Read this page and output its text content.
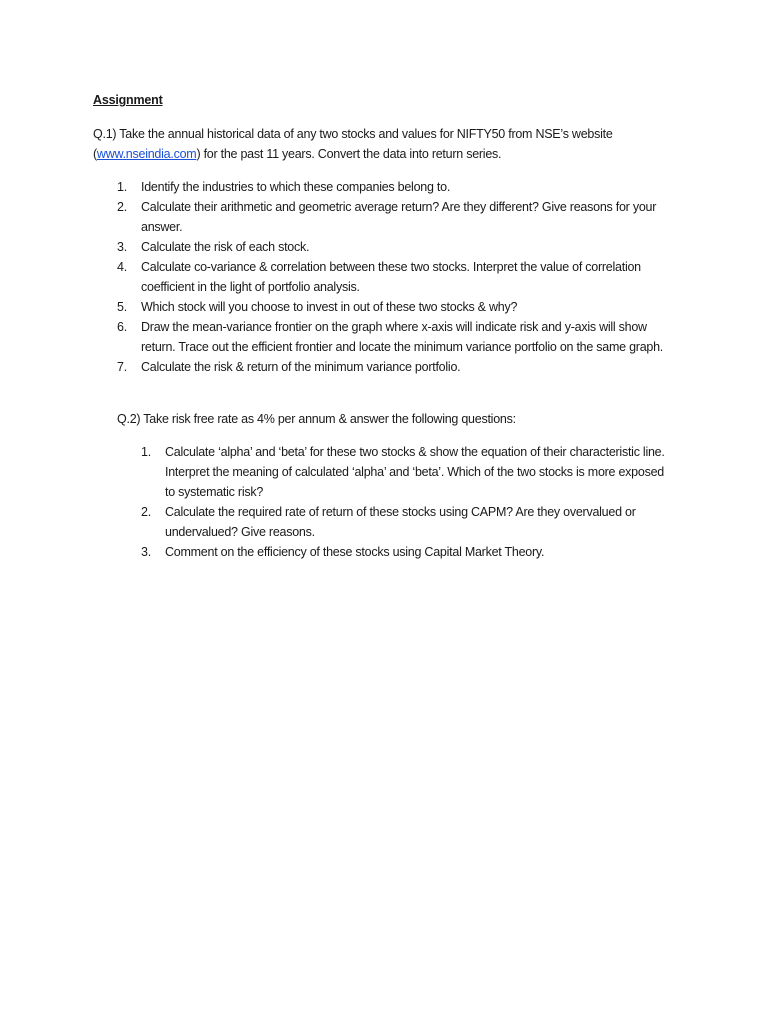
Assignment
Q.1) Take the annual historical data of any two stocks and values for NIFTY50 from NSE’s website (www.nseindia.com) for the past 11 years. Convert the data into return series.
1. Identify the industries to which these companies belong to.
2. Calculate their arithmetic and geometric average return? Are they different? Give reasons for your answer.
3. Calculate the risk of each stock.
4. Calculate co-variance & correlation between these two stocks. Interpret the value of correlation coefficient in the light of portfolio analysis.
5. Which stock will you choose to invest in out of these two stocks & why?
6. Draw the mean-variance frontier on the graph where x-axis will indicate risk and y-axis will show return. Trace out the efficient frontier and locate the minimum variance portfolio on the same graph.
7. Calculate the risk & return of the minimum variance portfolio.
Q.2) Take risk free rate as 4% per annum & answer the following questions:
1. Calculate ‘alpha’ and ‘beta’ for these two stocks & show the equation of their characteristic line. Interpret the meaning of calculated ‘alpha’ and ‘beta’. Which of the two stocks is more exposed to systematic risk?
2. Calculate the required rate of return of these stocks using CAPM? Are they overvalued or undervalued? Give reasons.
3. Comment on the efficiency of these stocks using Capital Market Theory.
